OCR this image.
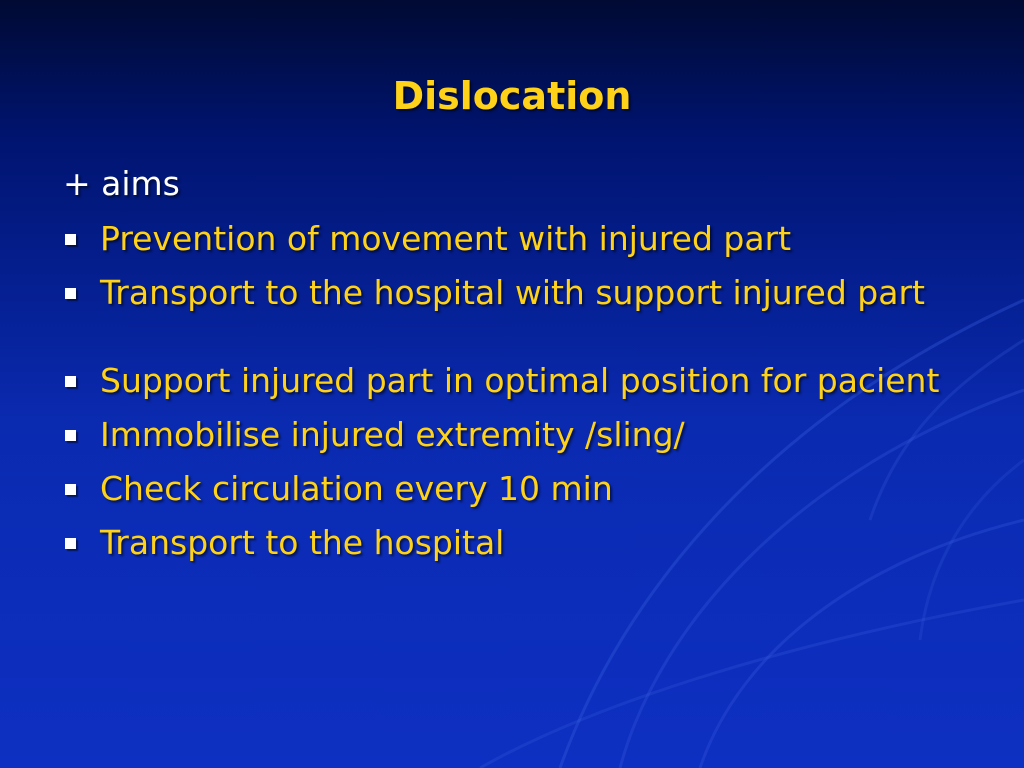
Dislocation
+ aims
Prevention of movement with injured part
Transport to the hospital with support injured part
Support injured part in optimal position for pacient
Immobilise injured extremity /sling/
Check circulation every 10 min
Transport to the hospital
